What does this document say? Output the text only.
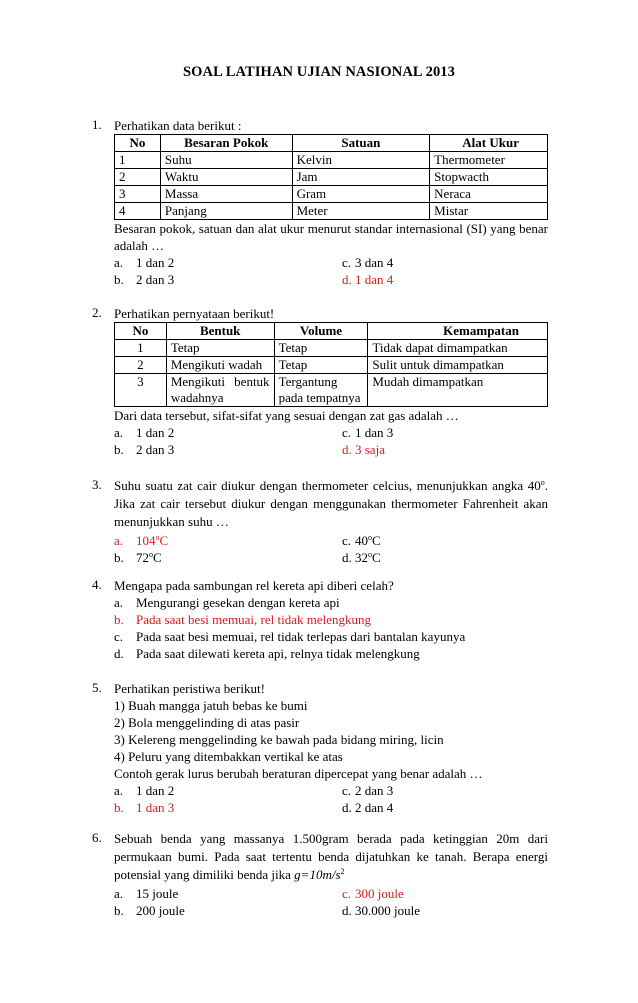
SOAL LATIHAN UJIAN NASIONAL 2013
1. Perhatikan data berikut :
No	Besaran Pokok	Satuan	Alat Ukur
1	Suhu	Kelvin	Thermometer
2	Waktu	Jam	Stopwacth
3	Massa	Gram	Neraca
4	Panjang	Meter	Mistar
Besaran pokok, satuan dan alat ukur menurut standar internasional (SI) yang benar adalah …
a. 1 dan 2	c. 3 dan 4
b. 2 dan 3	d. 1 dan 4
2. Perhatikan pernyataan berikut!
No	Bentuk	Volume	Kemampatan
1	Tetap	Tetap	Tidak dapat dimampatkan
2	Mengikuti wadah	Tetap	Sulit untuk dimampatkan
3	Mengikuti bentuk wadahnya	Tergantung pada tempatnya	Mudah dimampatkan
Dari data tersebut, sifat-sifat yang sesuai dengan zat gas adalah …
a. 1 dan 2	c. 1 dan 3
b. 2 dan 3	d. 3 saja
3. Suhu suatu zat cair diukur dengan thermometer celcius, menunjukkan angka 40$^o$. Jika zat cair tersebut diukur dengan menggunakan thermometer Fahrenheit akan menunjukkan suhu …
a. 104$^o$C	c. 40$^o$C
b. 72$^o$C	d. 32$^o$C
4. Mengapa pada sambungan rel kereta api diberi celah?
a. Mengurangi gesekan dengan kereta api
b. Pada saat besi memuai, rel tidak melengkung
c. Pada saat besi memuai, rel tidak terlepas dari bantalan kayunya
d. Pada saat dilewati kereta api, relnya tidak melengkung
5. Perhatikan peristiwa berikut!
1) Buah mangga jatuh bebas ke bumi
2) Bola menggelinding di atas pasir
3) Kelereng menggelinding ke bawah pada bidang miring, licin
4) Peluru yang ditembakkan vertikal ke atas
Contoh gerak lurus berubah beraturan dipercepat yang benar adalah …
a. 1 dan 2	c. 2 dan 3
b. 1 dan 3	d. 2 dan 4
6. Sebuah benda yang massanya 1.500gram berada pada ketinggian 20m dari permukaan bumi. Pada saat tertentu benda dijatuhkan ke tanah. Berapa energi potensial yang dimiliki benda jika $g=10m/s^2$
a. 15 joule	c. 300 joule
b. 200 joule	d. 30.000 joule
